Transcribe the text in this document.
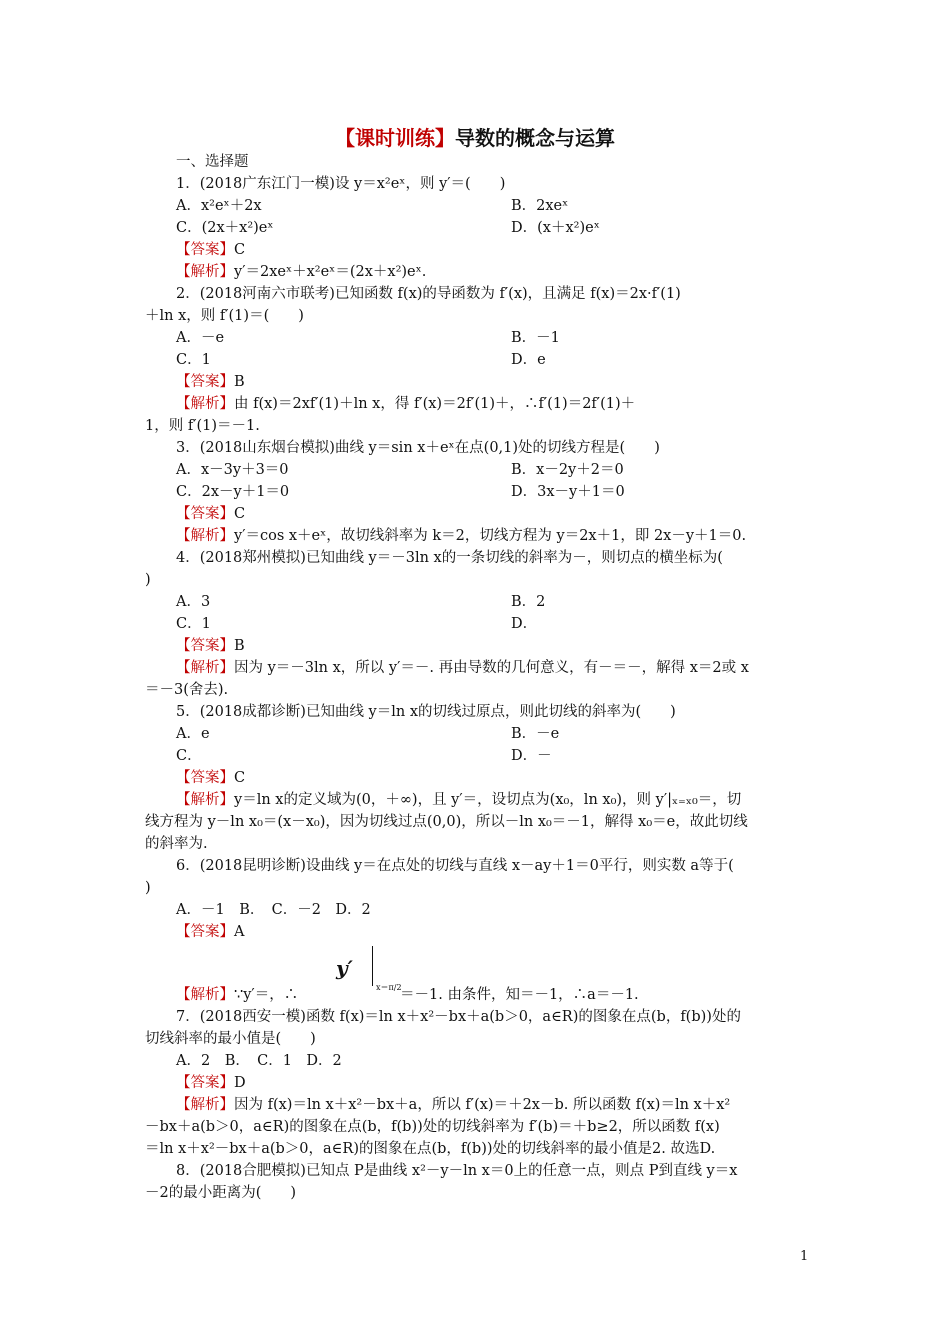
【课时训练】导数的概念与运算
一、选择题
1．(2018广东江门一模)设 y＝x²eˣ，则 y′＝(　　)
A．x²eˣ＋2x	B．2xeˣ
C．(2x＋x²)eˣ	D．(x＋x²)eˣ
【答案】C
【解析】y′＝2xeˣ＋x²eˣ＝(2x＋x²)eˣ.
2．(2018河南六市联考)已知函数 f(x)的导函数为 f′(x)，且满足 f(x)＝2x·f′(1)
＋ln x，则 f′(1)＝(　　)
A．－e	B．－1
C．1	D．e
【答案】B
【解析】由 f(x)＝2xf′(1)＋ln x，得 f′(x)＝2f′(1)＋，∴f′(1)＝2f′(1)＋
1，则 f′(1)＝－1.
3．(2018山东烟台模拟)曲线 y＝sin x＋eˣ在点(0,1)处的切线方程是(　　)
A．x－3y＋3＝0	B．x－2y＋2＝0
C．2x－y＋1＝0	D．3x－y＋1＝0
【答案】C
【解析】y′＝cos x＋eˣ，故切线斜率为 k＝2，切线方程为 y＝2x＋1，即 2x－y＋1＝0.
4．(2018郑州模拟)已知曲线 y＝－3ln x的一条切线的斜率为－，则切点的横坐标为(
)
A．3	B．2
C．1	D．
【答案】B
【解析】因为 y＝－3ln x，所以 y′＝－. 再由导数的几何意义，有－＝－，解得 x＝2或 x
＝－3(舍去).
5．(2018成都诊断)已知曲线 y＝ln x的切线过原点，则此切线的斜率为(　　)
A．e	B．－e
C．	D．－
【答案】C
【解析】y＝ln x的定义域为(0，＋∞)，且 y′＝，设切点为(x₀，ln x₀)，则 y′|ₓ₌ₓ₀＝，切
线方程为 y－ln x₀＝(x－x₀)，因为切线过点(0,0)，所以－ln x₀＝－1，解得 x₀＝e，故此切线
的斜率为.
6．(2018昆明诊断)设曲线 y＝在点处的切线与直线 x－ay＋1＝0平行，则实数 a等于(
)
A．－1　B．　C．－2　D．2
【答案】A
y′
x＝π/2
【解析】∵y′＝，∴	＝－1. 由条件，知＝－1，∴a＝－1.
7．(2018西安一模)函数 f(x)＝ln x＋x²－bx＋a(b＞0，a∈R)的图象在点(b，f(b))处的
切线斜率的最小值是(　　)
A．2　B．　C．1　D．2
【答案】D
【解析】因为 f(x)＝ln x＋x²－bx＋a，所以 f′(x)＝＋2x－b. 所以函数 f(x)＝ln x＋x²
－bx＋a(b＞0，a∈R)的图象在点(b，f(b))处的切线斜率为 f′(b)＝＋b≥2，所以函数 f(x)
＝ln x＋x²－bx＋a(b＞0，a∈R)的图象在点(b，f(b))处的切线斜率的最小值是2. 故选D.
8．(2018合肥模拟)已知点 P是曲线 x²－y－ln x＝0上的任意一点，则点 P到直线 y＝x
－2的最小距离为(　　)
1
